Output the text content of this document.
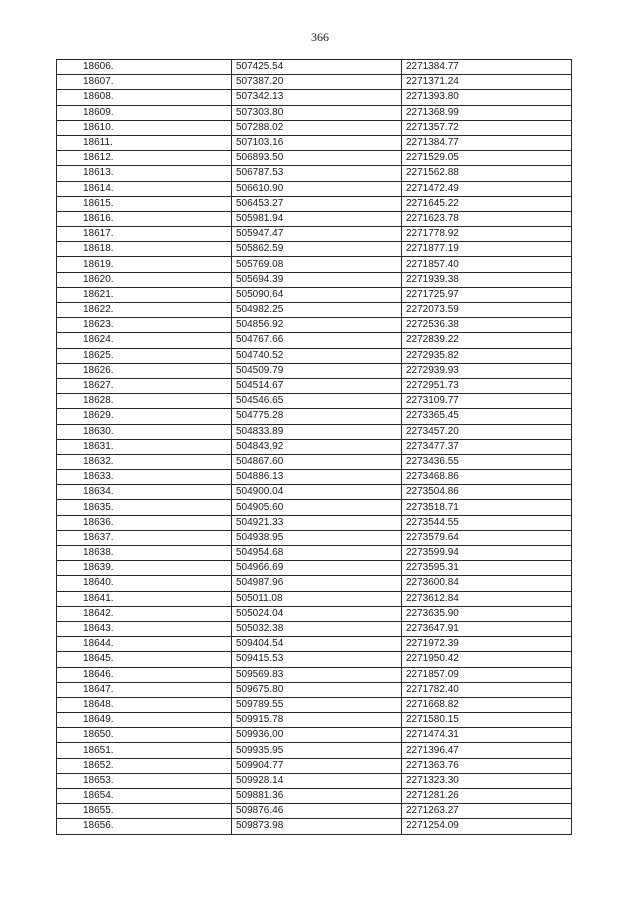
366
18606.	507425.54	2271384.77
18607.	507387.20	2271371.24
18608.	507342.13	2271393.80
18609.	507303.80	2271368.99
18610.	507288.02	2271357.72
18611.	507103.16	2271384.77
18612.	506893.50	2271529.05
18613.	506787.53	2271562.88
18614.	506610.90	2271472.49
18615.	506453.27	2271645.22
18616.	505981.94	2271623.78
18617.	505947.47	2271778.92
18618.	505862.59	2271877.19
18619.	505769.08	2271857.40
18620.	505694.39	2271939.38
18621.	505090.64	2271725.97
18622.	504982.25	2272073.59
18623.	504856.92	2272536.38
18624.	504767.66	2272839.22
18625.	504740.52	2272935.82
18626.	504509.79	2272939.93
18627.	504514.67	2272951.73
18628.	504546.65	2273109.77
18629.	504775.28	2273365.45
18630.	504833.89	2273457.20
18631.	504843.92	2273477.37
18632.	504867.60	2273436.55
18633.	504886.13	2273468.86
18634.	504900.04	2273504.86
18635.	504905.60	2273518.71
18636.	504921.33	2273544.55
18637.	504938.95	2273579.64
18638.	504954.68	2273599.94
18639.	504966.69	2273595.31
18640.	504987.96	2273600.84
18641.	505011.08	2273612.84
18642.	505024.04	2273635.90
18643.	505032.38	2273647.91
18644.	509404.54	2271972.39
18645.	509415.53	2271950.42
18646.	509569.83	2271857.09
18647.	509675.80	2271782.40
18648.	509789.55	2271668.82
18649.	509915.78	2271580.15
18650.	509936.00	2271474.31
18651.	509935.95	2271396.47
18652.	509904.77	2271363.76
18653.	509928.14	2271323.30
18654.	509881.36	2271281.26
18655.	509876.46	2271263.27
18656.	509873.98	2271254.09
